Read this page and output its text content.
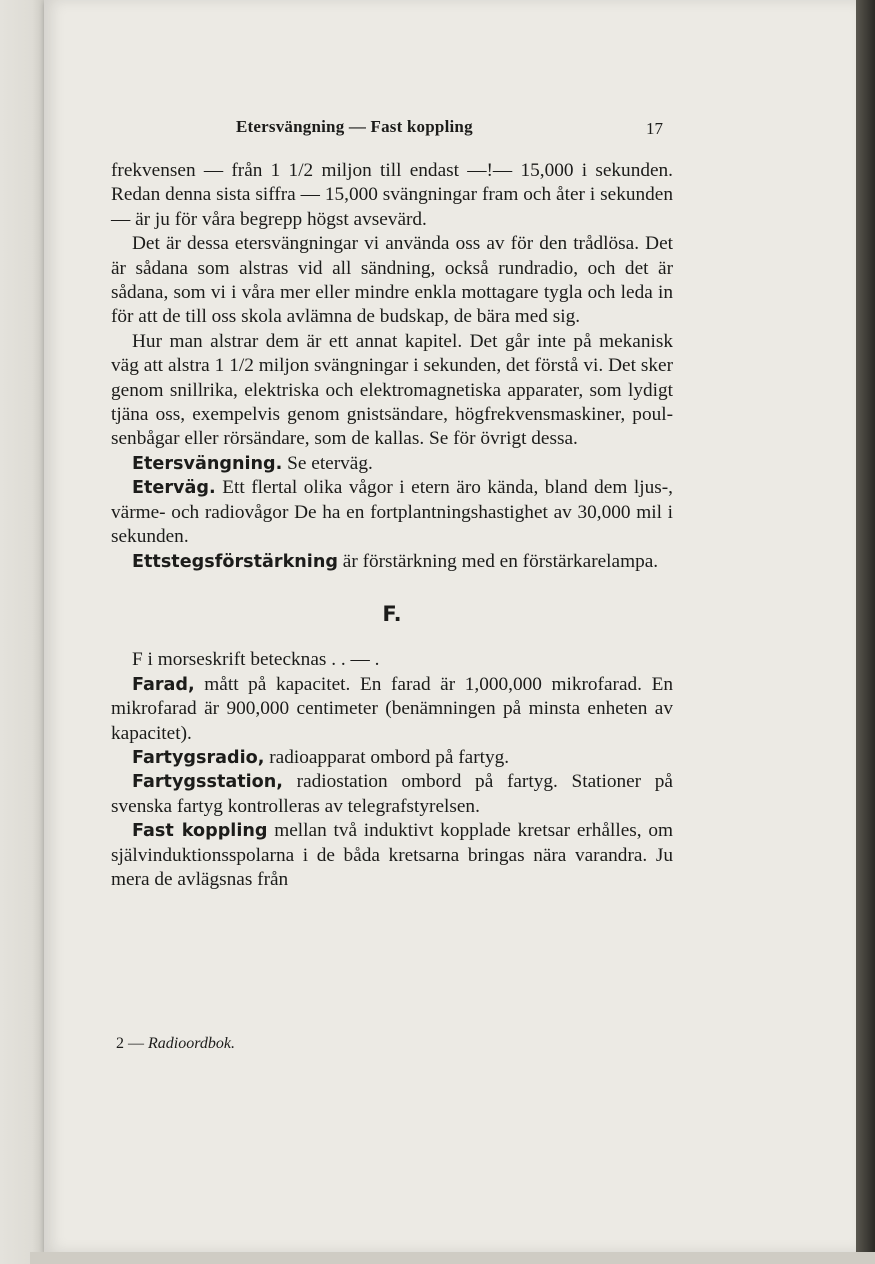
Etersvängning — Fast koppling	17

frekvensen — från 1 1/2 miljon till endast —!— 15,000 i sekunden. Redan denna sista siffra — 15,000 svängningar fram och åter i sekunden — är ju för våra begrepp högst avsevärd.

Det är dessa etersvängningar vi använda oss av för den trådlösa. Det är sådana som alstras vid all sändning, också rundradio, och det är sådana, som vi i våra mer eller mindre enkla mottagare tygla och leda in för att de till oss skola avlämna de budskap, de bära med sig.

Hur man alstrar dem är ett annat kapitel. Det går inte på mekanisk väg att alstra 1 1/2 miljon svängningar i sekunden, det förstå vi. Det sker genom snillrika, elektriska och elektromagnetiska apparater, som lydigt tjäna oss, exempelvis genom gnistsändare, högfrekvensmaskiner, poulsenbågar eller rörsändare, som de kallas. Se för övrigt dessa.

Etersvängning. Se eterväg.

Eterväg. Ett flertal olika vågor i etern äro kända, bland dem ljus-, värme- och radiovågor De ha en fortplantningshastighet av 30,000 mil i sekunden.

Ettstegsförstärkning är förstärkning med en förstärkarelampa.

F.

F i morseskrift betecknas . . — .

Farad, mått på kapacitet. En farad är 1,000,000 mikrofarad. En mikrofarad är 900,000 centimeter (benämningen på minsta enheten av kapacitet).

Fartygsradio, radioapparat ombord på fartyg.

Fartygsstation, radiostation ombord på fartyg. Stationer på svenska fartyg kontrolleras av telegrafstyrelsen.

Fast koppling mellan två induktivt kopplade kretsar erhålles, om självinduktionsspolarna i de båda kretsarna bringas nära varandra. Ju mera de avlägsnas från

2 — Radioordbok.
